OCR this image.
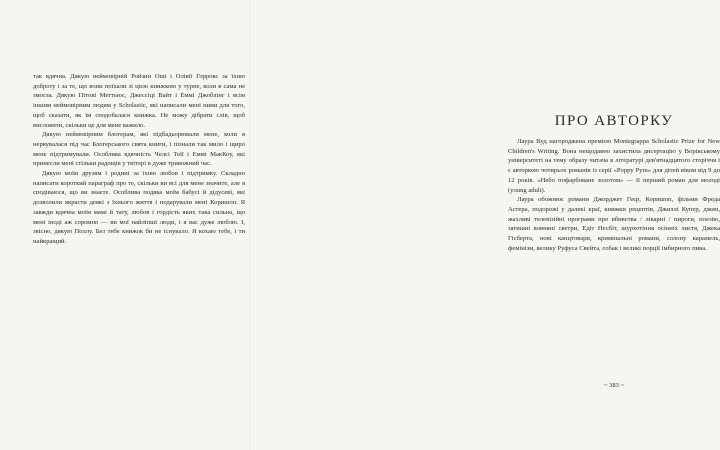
так вдячна. Дякую неймовірній Ройзин Оші і Олівії Горрокс за їхню доброту і за те, що вони поїхали зі цією книжкою у турне, коли в сама не змогла. Дякую Пітові Меттьюс, Джессіці Вайт і Еммі Джоблінг і всім іншим неймовірним людям у Scholastic, які написали мені ниии для того, щоб сказати, як їм сподобалася книжка. Не можу дібрати слів, щоб висловити, скільки це для мене важило.

Дякую неймовірним блогерам, які підбадьорювали мене, коли я нервувалася під час Блогерського свята книги, і пізнали так мило і щиро мене підтримували. Особлива вдячність Челсі Тоїї і Еммі МакКоу, які принесли мені стільки радощів у твітері в дуже тривожний час.

Дякую моїм друзям і родині за їхню любов і підтримку. Складно написати короткий параграф про те, скільки ви всі для мене значите, але я сподіваюся, що ви знаєте. Особлива подяка моїм бабусі й дідусеві, які дозволили вкрасти деякі з їхнього життя і подарували мені Коришоп. Я завжди вдячна моїм мамі й тату, любов і гордість яких така сильна, що мені іноді аж соромно — ви мої найліпші люди, і я вас дуже люблю. І, звісно, дякую Поллу. Без тебе книжок би не існувало. Я кохаю тебе, і ти найкращий.

ПРО АВТОРКУ

Лаура Вуд нагороджена премією Montegrappa Scholastic Prize for New Children's Writing. Вона нещодавно захистила дисертацію у Ворікському університеті на тему образу читача в літературі дев'ятнадцятого сторіччя і є авторкою чотирьох романів із серії «Poppy Pym» для дітей віком від 9 до 12 років. «Небо пофарбоване золотом» — її перший роман для молоді (young adult).

Лаура обожнює романи Джорджет Геєр, Коришоп, фільми Фреда Астера, подорожі у далекі краї, книжки рецептів, Джиллі Купер, джин, жахливі телевізійні програми про вбивства / лікарні / пироги, поезію, затишні вовняні светри, Едіт Несбіт, шурхотіння осінніх листя, Джека Гісберта, нові канцтовари, кримінальні романи, солону карамель, фемінізм, велику Руфуса Свейта, собак і великі порції імбирного пива.

~ 383 ~
